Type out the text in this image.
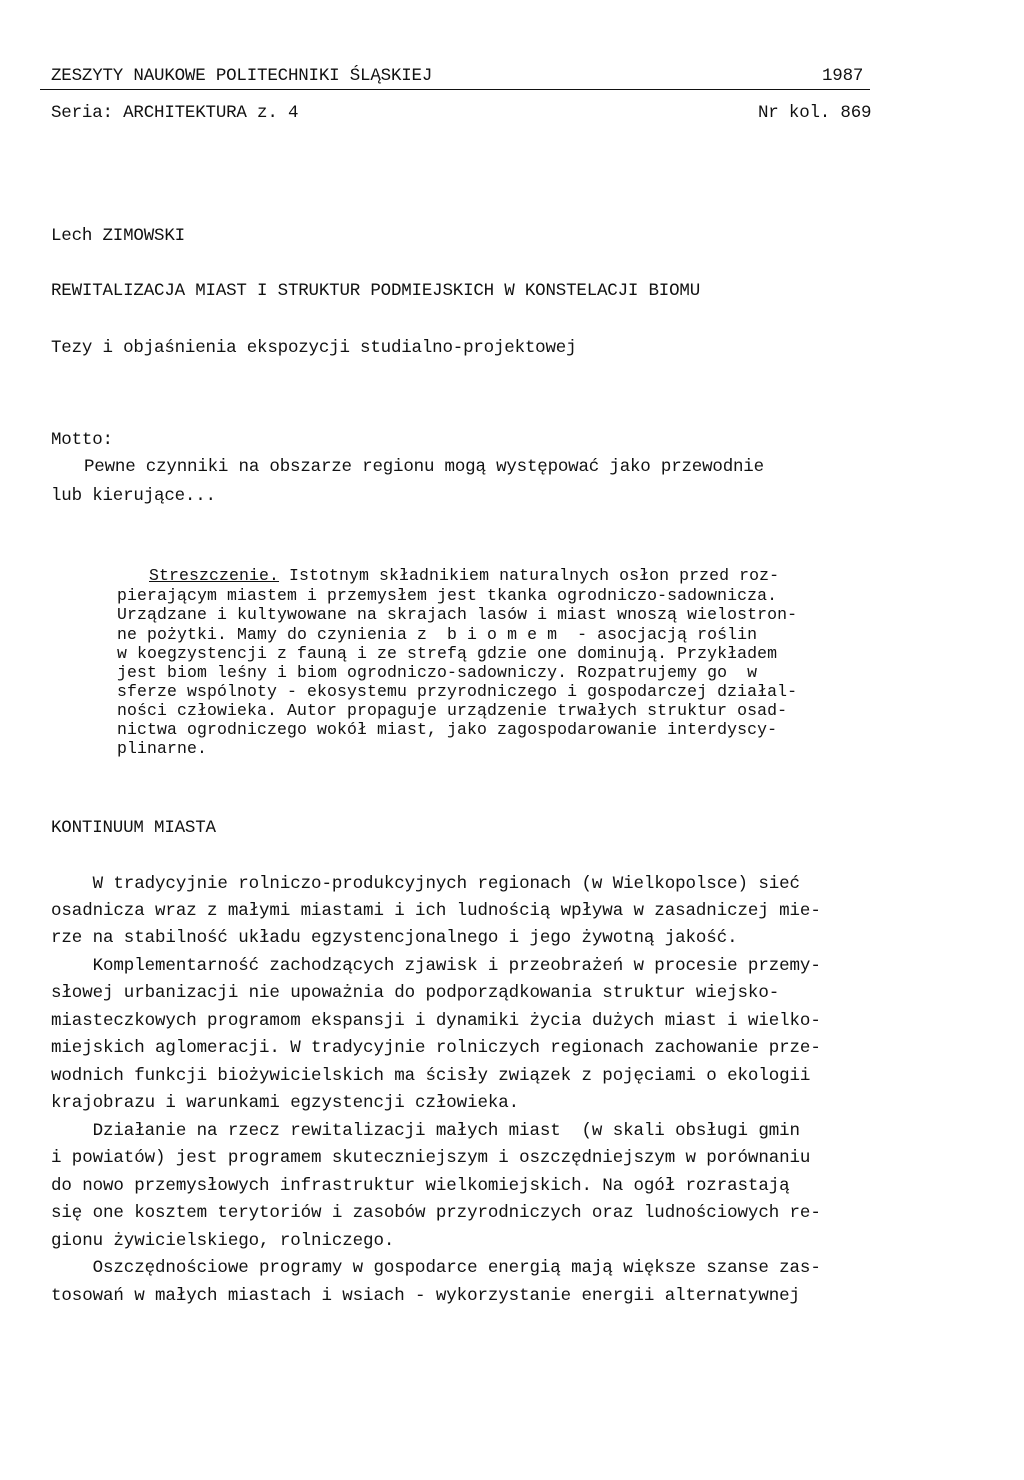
ZESZYTY NAUKOWE POLITECHNIKI ŚLĄSKIEJ	1987
Seria: ARCHITEKTURA z. 4	Nr kol. 869
Lech ZIMOWSKI
REWITALIZACJA MIAST I STRUKTUR PODMIEJSKICH W KONSTELACJI BIOMU
Tezy i objaśnienia ekspozycji studialno-projektowej
Motto:
Pewne czynniki na obszarze regionu mogą występować jako przewodnie
lub kierujące...
Streszczenie. Istotnym składnikiem naturalnych osłon przed roz-
pierającym miastem i przemysłem jest tkanka ogrodniczo-sadownicza.
Urządzane i kultywowane na skrajach lasów i miast wnoszą wielostron-
ne pożytki. Mamy do czynienia z  b i o m e m  - asocjacją roślin
w koegzystencji z fauną i ze strefą gdzie one dominują. Przykładem
jest biom leśny i biom ogrodniczo-sadowniczy. Rozpatrujemy go  w
sferze wspólnoty - ekosystemu przyrodniczego i gospodarczej działal-
ności człowieka. Autor propaguje urządzenie trwałych struktur osad-
nictwa ogrodniczego wokół miast, jako zagospodarowanie interdyscy-
plinarne.
KONTINUUM MIASTA
W tradycyjnie rolniczo-produkcyjnych regionach (w Wielkopolsce) sieć
osadnicza wraz z małymi miastami i ich ludnością wpływa w zasadniczej mie-
rze na stabilność układu egzystencjonalnego i jego żywotną jakość.
Komplementarność zachodzących zjawisk i przeobrażeń w procesie przemy-
słowej urbanizacji nie upoważnia do podporządkowania struktur wiejsko-
miasteczkowych programom ekspansji i dynamiki życia dużych miast i wielko-
miejskich aglomeracji. W tradycyjnie rolniczych regionach zachowanie prze-
wodnich funkcji biożywicielskich ma ścisły związek z pojęciami o ekologii
krajobrazu i warunkami egzystencji człowieka.
Działanie na rzecz rewitalizacji małych miast  (w skali obsługi gmin
i powiatów) jest programem skuteczniejszym i oszczędniejszym w porównaniu
do nowo przemysłowych infrastruktur wielkomiejskich. Na ogół rozrastają
się one kosztem terytoriów i zasobów przyrodniczych oraz ludnościowych re-
gionu żywicielskiego, rolniczego.
Oszczędnościowe programy w gospodarce energią mają większe szanse zas-
tosowań w małych miastach i wsiach - wykorzystanie energii alternatywnej
